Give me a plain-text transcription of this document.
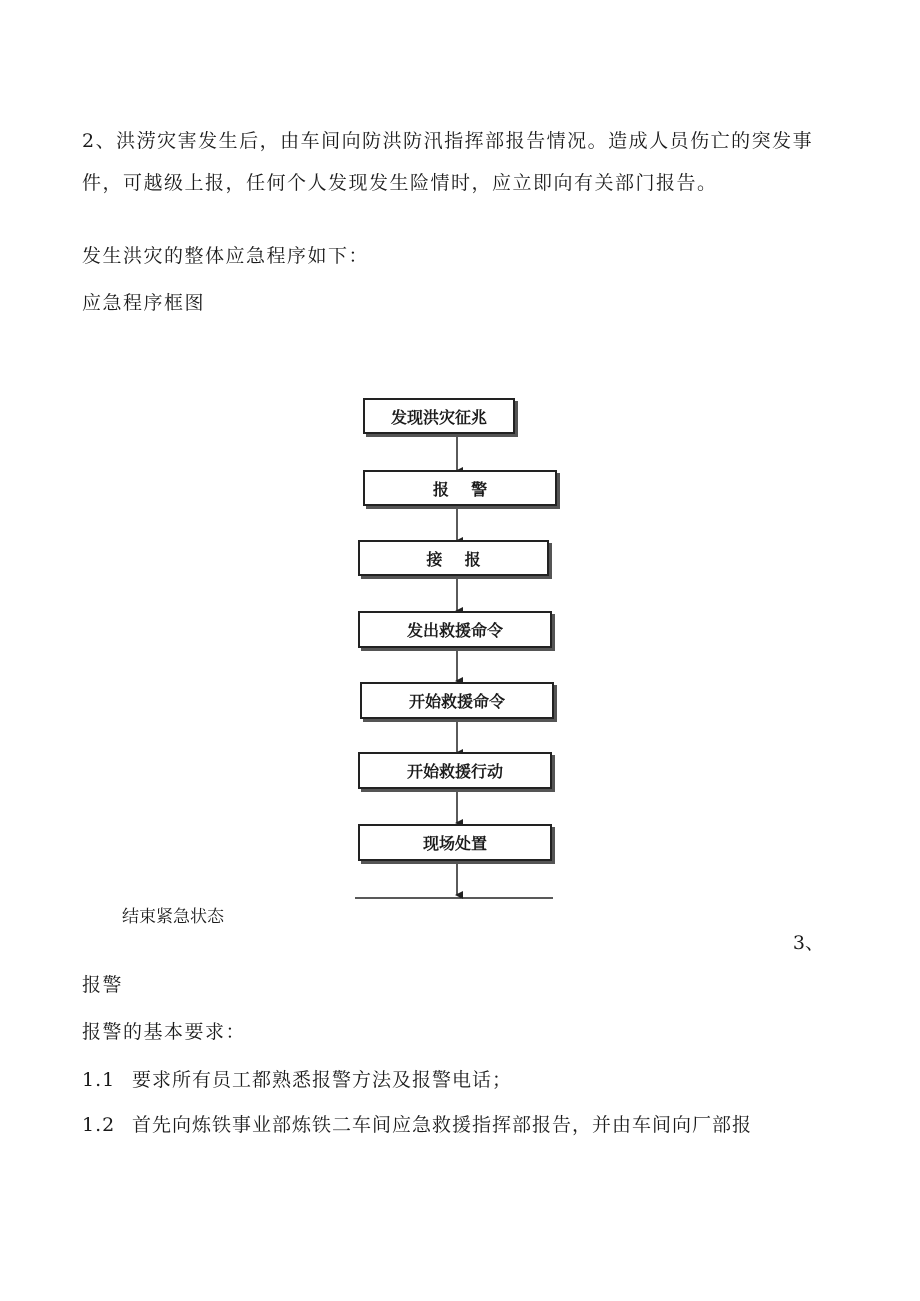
2、洪涝灾害发生后，由车间向防洪防汛指挥部报告情况。造成人员伤亡的突发事件，可越级上报，任何个人发现发生险情时，应立即向有关部门报告。

发生洪灾的整体应急程序如下：

应急程序框图

发现洪灾征兆
报    警
接    报
发出救援命令
开始救援命令
开始救援行动
现场处置
结束紧急状态
3、

报警

报警的基本要求：

1.1 要求所有员工都熟悉报警方法及报警电话；
1.2 首先向炼铁事业部炼铁二车间应急救援指挥部报告，并由车间向厂部报
